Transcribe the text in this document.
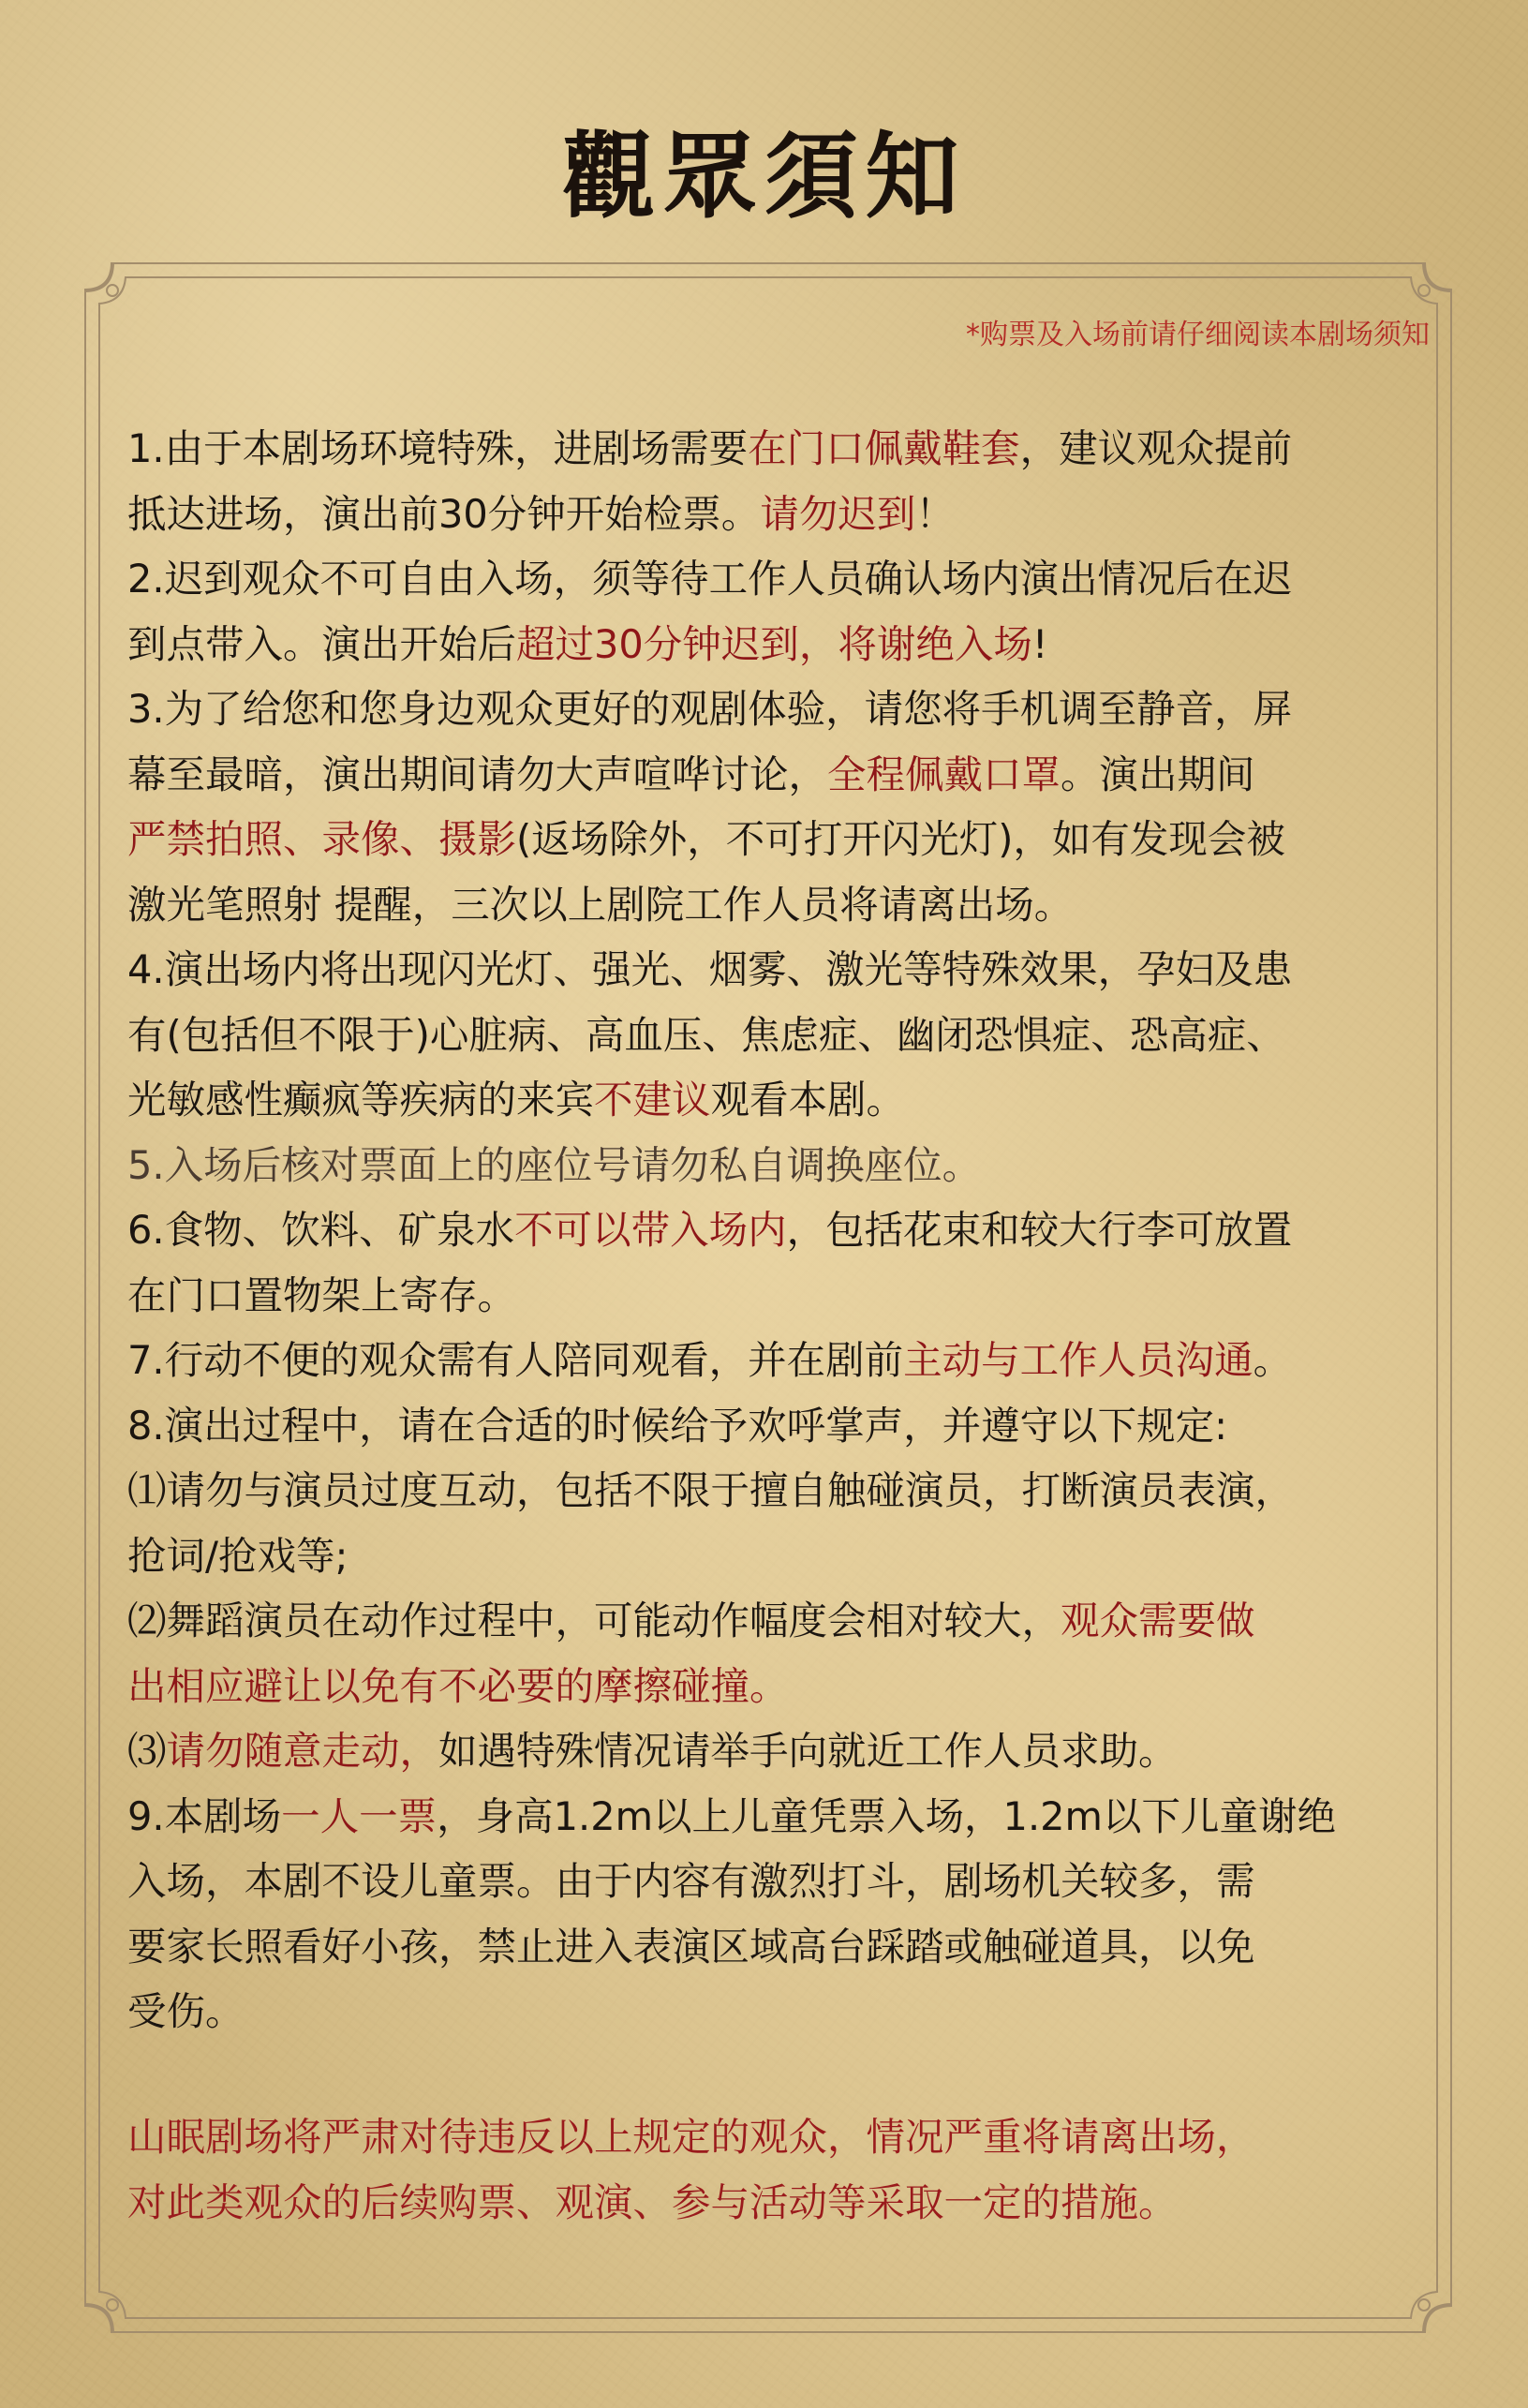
觀眾須知
*购票及入场前请仔细阅读本剧场须知
1.由于本剧场环境特殊，进剧场需要在门口佩戴鞋套，建议观众提前
抵达进场，演出前30分钟开始检票。请勿迟到！
2.迟到观众不可自由入场，须等待工作人员确认场内演出情况后在迟
到点带入。演出开始后超过30分钟迟到，将谢绝入场!
3.为了给您和您身边观众更好的观剧体验，请您将手机调至静音，屏
幕至最暗，演出期间请勿大声喧哗讨论，全程佩戴口罩。演出期间
严禁拍照、录像、摄影(返场除外，不可打开闪光灯)，如有发现会被
激光笔照射 提醒，三次以上剧院工作人员将请离出场。
4.演出场内将出现闪光灯、强光、烟雾、激光等特殊效果，孕妇及患
有(包括但不限于)心脏病、高血压、焦虑症、幽闭恐惧症、恐高症、
光敏感性癫疯等疾病的来宾不建议观看本剧。
5.入场后核对票面上的座位号请勿私自调换座位。
6.食物、饮料、矿泉水不可以带入场内，包括花束和较大行李可放置
在门口置物架上寄存。
7.行动不便的观众需有人陪同观看，并在剧前主动与工作人员沟通。
8.演出过程中，请在合适的时候给予欢呼掌声，并遵守以下规定:
⑴请勿与演员过度互动，包括不限于擅自触碰演员，打断演员表演，
抢词/抢戏等;
⑵舞蹈演员在动作过程中，可能动作幅度会相对较大，观众需要做
出相应避让以免有不必要的摩擦碰撞。
⑶请勿随意走动，如遇特殊情况请举手向就近工作人员求助。
9.本剧场一人一票，身高1.2m以上儿童凭票入场，1.2m以下儿童谢绝
入场，本剧不设儿童票。由于内容有激烈打斗，剧场机关较多，需
要家长照看好小孩，禁止进入表演区域高台踩踏或触碰道具，以免
受伤。
山眠剧场将严肃对待违反以上规定的观众，情况严重将请离出场，
对此类观众的后续购票、观演、参与活动等采取一定的措施。
